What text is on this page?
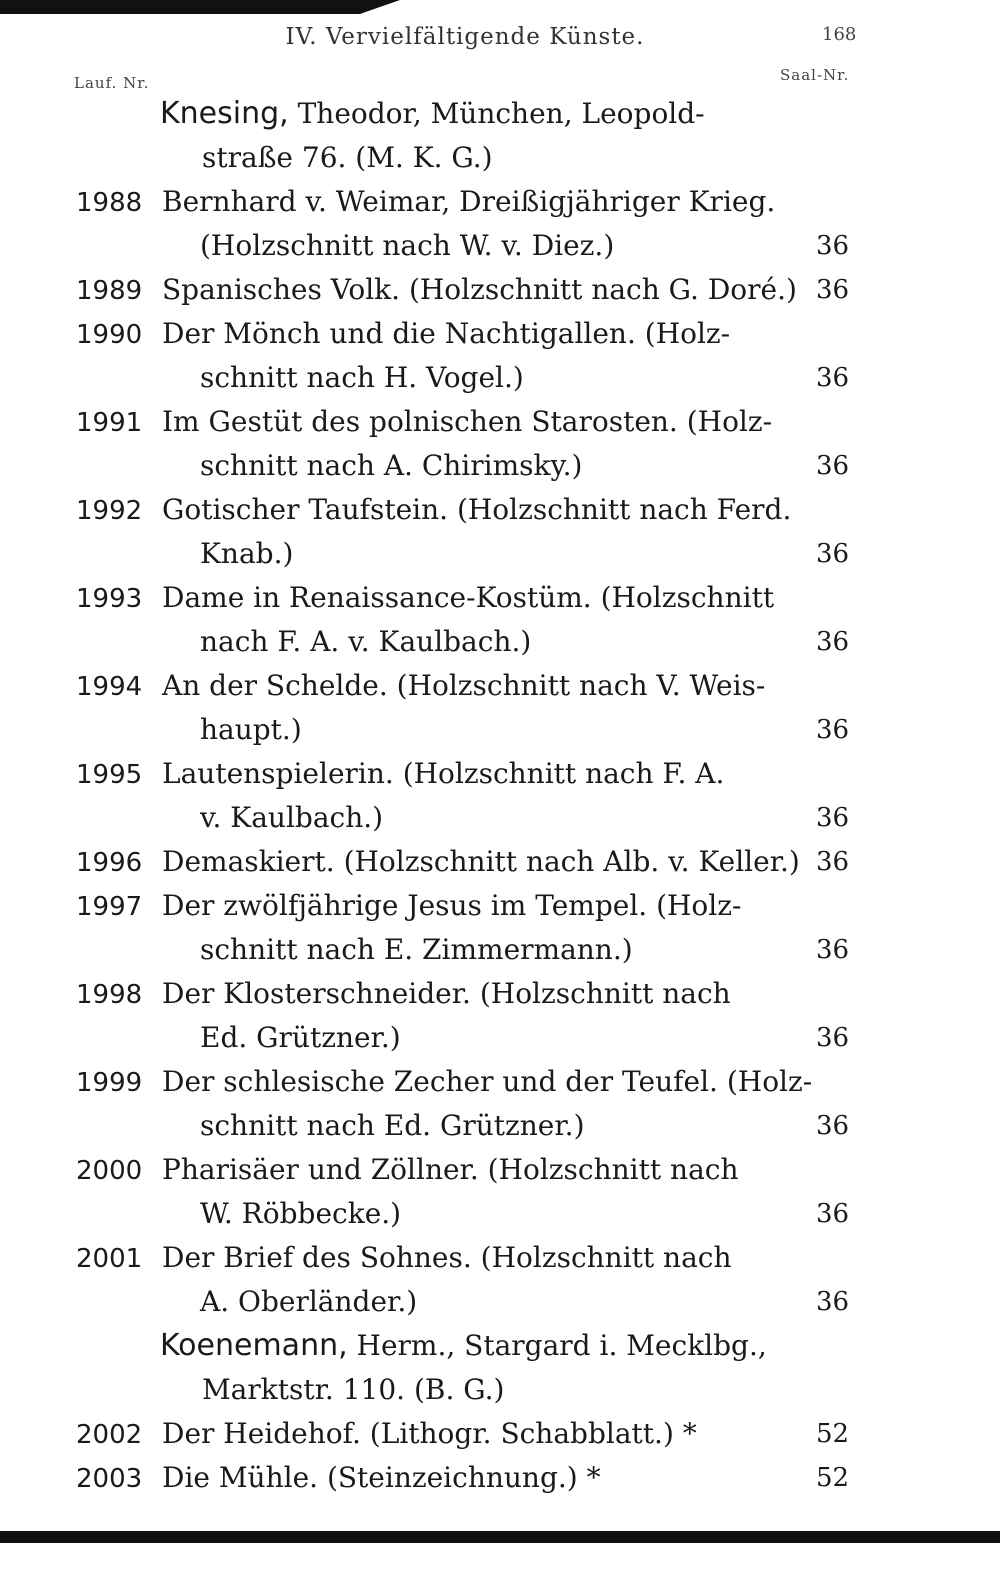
IV. Vervielfältigende Künste.	168
Lauf. Nr.	Saal-Nr.
Knesing, Theodor, München, Leopold-
straße 76. (M. K. G.)
1988 Bernhard v. Weimar, Dreißigjähriger Krieg.
(Holzschnitt nach W. v. Diez.)	36
1989 Spanisches Volk. (Holzschnitt nach G. Doré.) 36
1990 Der Mönch und die Nachtigallen. (Holz-
schnitt nach H. Vogel.)	36
1991 Im Gestüt des polnischen Starosten. (Holz-
schnitt nach A. Chirimsky.)	36
1992 Gotischer Taufstein. (Holzschnitt nach Ferd.
Knab.)	36
1993 Dame in Renaissance-Kostüm. (Holzschnitt
nach F. A. v. Kaulbach.)	36
1994 An der Schelde. (Holzschnitt nach V. Weis-
haupt.)	36
1995 Lautenspielerin. (Holzschnitt nach F. A.
v. Kaulbach.)	36
1996 Demaskiert. (Holzschnitt nach Alb. v. Keller.) 36
1997 Der zwölfjährige Jesus im Tempel. (Holz-
schnitt nach E. Zimmermann.)	36
1998 Der Klosterschneider. (Holzschnitt nach
Ed. Grützner.)	36
1999 Der schlesische Zecher und der Teufel. (Holz-
schnitt nach Ed. Grützner.)	36
2000 Pharisäer und Zöllner. (Holzschnitt nach
W. Röbbecke.)	36
2001 Der Brief des Sohnes. (Holzschnitt nach
A. Oberländer.)	36
Koenemann, Herm., Stargard i. Mecklbg.,
Marktstr. 110. (B. G.)
2002 Der Heidehof. (Lithogr. Schabblatt.) *	52
2003 Die Mühle. (Steinzeichnung.) *	52
